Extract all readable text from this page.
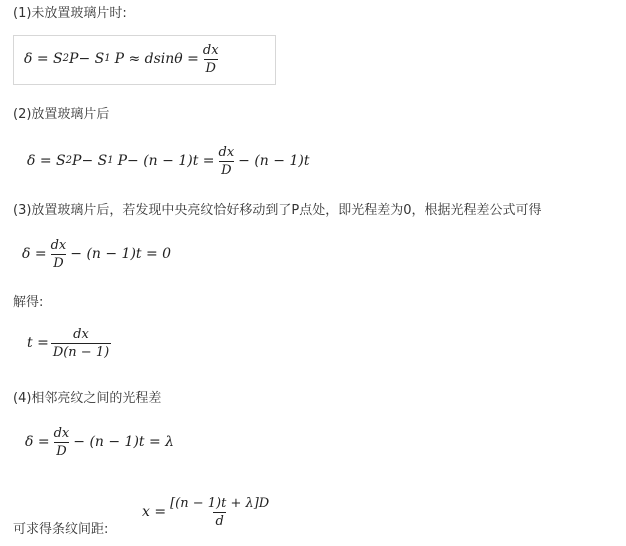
(1)未放置玻璃片时:
δ = S 2 P− S 1 $P \approx dsin\theta = \frac{dx}{D}$
(2)放置玻璃片后
δ = S 2 P− S 1 $P- (n - 1)t = \frac{dx}{D} - (n - 1)t$
(3)放置玻璃片后，若发现中央亮纹恰好移动到了P点处，即光程差为0，根据光程差公式可得
$\delta = \frac{dx}{D} - (n - 1)t = 0$
解得:
$t = \frac{dx}{D(n - 1)}$
(4)相邻亮纹之间的光程差
$\delta = \frac{dx}{D} - (n - 1)t = \lambda$
$x = \frac{[(n - 1)t + \lambda]D}{d}$
可求得条纹间距:
